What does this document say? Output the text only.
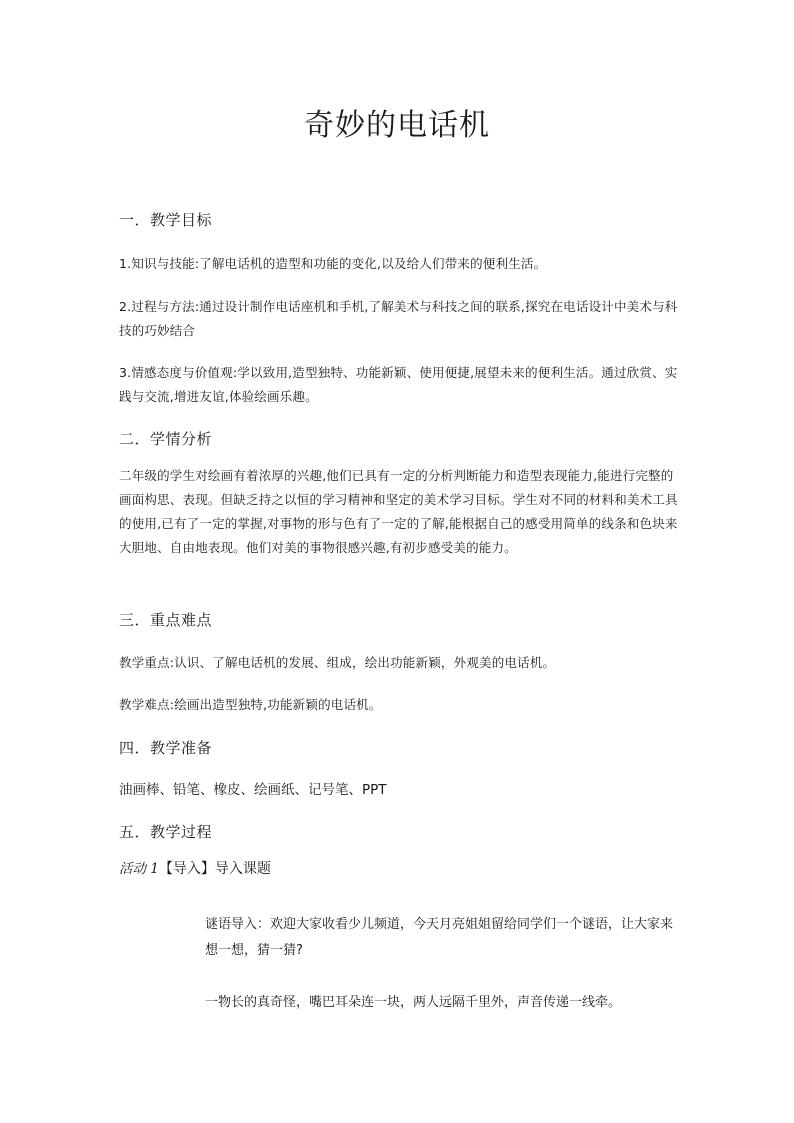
奇妙的电话机
一．教学目标
1.知识与技能:了解电话机的造型和功能的变化,以及给人们带来的便利生活。
2.过程与方法:通过设计制作电话座机和手机,了解美术与科技之间的联系,探究在电话设计中美术与科技的巧妙结合
3.情感态度与价值观:学以致用,造型独特、功能新颖、使用便捷,展望未来的便利生活。通过欣赏、实践与交流,增进友谊,体验绘画乐趣。
二．学情分析
二年级的学生对绘画有着浓厚的兴趣,他们已具有一定的分析判断能力和造型表现能力,能进行完整的画面构思、表现。但缺乏持之以恒的学习精神和坚定的美术学习目标。学生对不同的材料和美术工具的使用,已有了一定的掌握,对事物的形与色有了一定的了解,能根据自己的感受用简单的线条和色块来大胆地、自由地表现。他们对美的事物很感兴趣,有初步感受美的能力。
三．重点难点
教学重点:认识、了解电话机的发展、组成，绘出功能新颖，外观美的电话机。
教学难点:绘画出造型独特,功能新颖的电话机。
四．教学准备
油画棒、铅笔、橡皮、绘画纸、记号笔、PPT
五．教学过程
活动 1【导入】导入课题
谜语导入：欢迎大家收看少儿频道，今天月亮姐姐留给同学们一个谜语，让大家来想一想，猜一猜?
一物长的真奇怪，嘴巴耳朵连一块，两人远隔千里外，声音传递一线牵。
